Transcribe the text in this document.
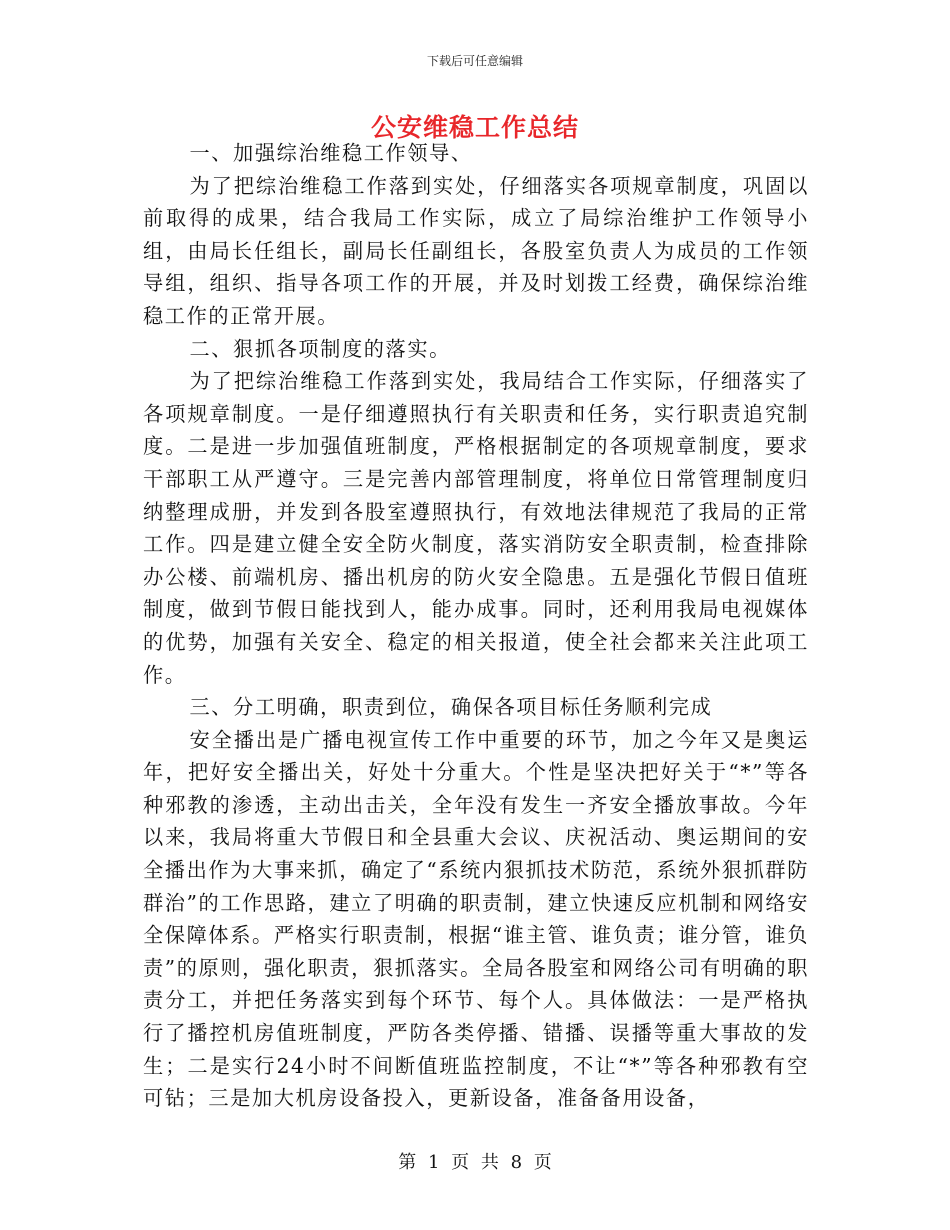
下载后可任意编辑
公安维稳工作总结

一、加强综治维稳工作领导、

为了把综治维稳工作落到实处，仔细落实各项规章制度，巩固以前取得的成果，结合我局工作实际，成立了局综治维护工作领导小组，由局长任组长，副局长任副组长，各股室负责人为成员的工作领导组，组织、指导各项工作的开展，并及时划拨工经费，确保综治维稳工作的正常开展。

二、狠抓各项制度的落实。

为了把综治维稳工作落到实处，我局结合工作实际，仔细落实了各项规章制度。一是仔细遵照执行有关职责和任务，实行职责追究制度。二是进一步加强值班制度，严格根据制定的各项规章制度，要求干部职工从严遵守。三是完善内部管理制度，将单位日常管理制度归纳整理成册，并发到各股室遵照执行，有效地法律规范了我局的正常工作。四是建立健全安全防火制度，落实消防安全职责制，检查排除办公楼、前端机房、播出机房的防火安全隐患。五是强化节假日值班制度，做到节假日能找到人，能办成事。同时，还利用我局电视媒体的优势，加强有关安全、稳定的相关报道，使全社会都来关注此项工作。

三、分工明确，职责到位，确保各项目标任务顺利完成

安全播出是广播电视宣传工作中重要的环节，加之今年又是奥运年，把好安全播出关，好处十分重大。个性是坚决把好关于“*”等各种邪教的渗透，主动出击关，全年没有发生一齐安全播放事故。今年以来，我局将重大节假日和全县重大会议、庆祝活动、奥运期间的安全播出作为大事来抓，确定了“系统内狠抓技术防范，系统外狠抓群防群治”的工作思路，建立了明确的职责制，建立快速反应机制和网络安全保障体系。严格实行职责制，根据“谁主管、谁负责；谁分管，谁负责”的原则，强化职责，狠抓落实。全局各股室和网络公司有明确的职责分工，并把任务落实到每个环节、每个人。具体做法：一是严格执行了播控机房值班制度，严防各类停播、错播、误播等重大事故的发生；二是实行24小时不间断值班监控制度，不让“*”等各种邪教有空可钻；三是加大机房设备投入，更新设备，准备备用设备，

第 1 页 共 8 页
